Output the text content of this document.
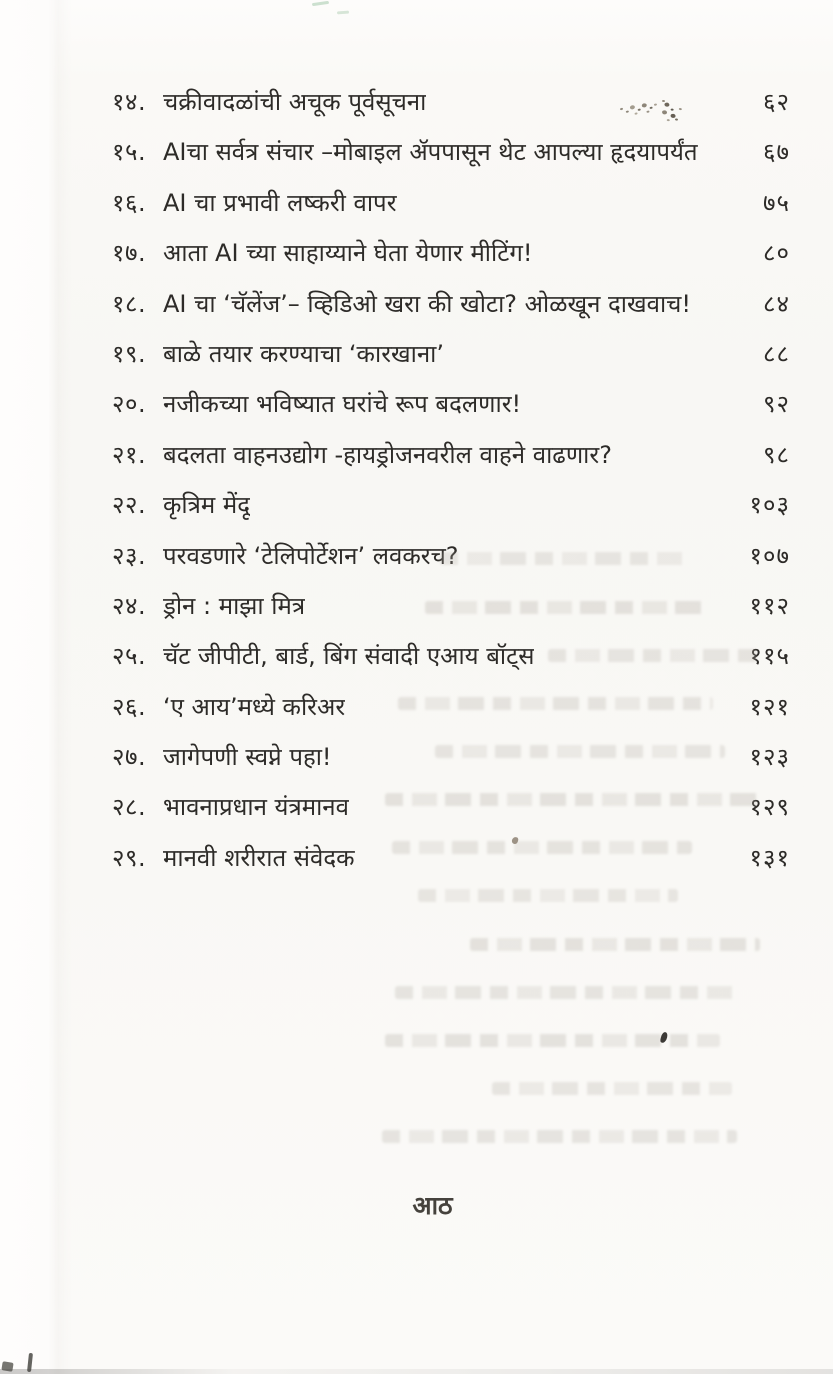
१४. चक्रीवादळांची अचूक पूर्वसूचना	६२
१५. AIचा सर्वत्र संचार –मोबाइल ॲपपासून थेट आपल्या हृदयापर्यंत	६७
१६. AI चा प्रभावी लष्करी वापर	७५
१७. आता AI च्या साहाय्याने घेता येणार मीटिंग!	८०
१८. AI चा ‘चॅलेंज’– व्हिडिओ खरा की खोटा? ओळखून दाखवाच!	८४
१९. बाळे तयार करण्याचा ‘कारखाना’	८८
२०. नजीकच्या भविष्यात घरांचे रूप बदलणार!	९२
२१. बदलता वाहनउद्योग -हायड्रोजनवरील वाहने वाढणार?	९८
२२. कृत्रिम मेंदू	१०३
२३. परवडणारे ‘टेलिपोर्टेशन’ लवकरच?	१०७
२४. ड्रोन : माझा मित्र	११२
२५. चॅट जीपीटी, बार्ड, बिंग संवादी एआय बॉट्स	११५
२६. ‘ए आय’मध्ये करिअर	१२१
२७. जागेपणी स्वप्ने पहा!	१२३
२८. भावनाप्रधान यंत्रमानव	१२९
२९. मानवी शरीरात संवेदक	१३१
आठ
